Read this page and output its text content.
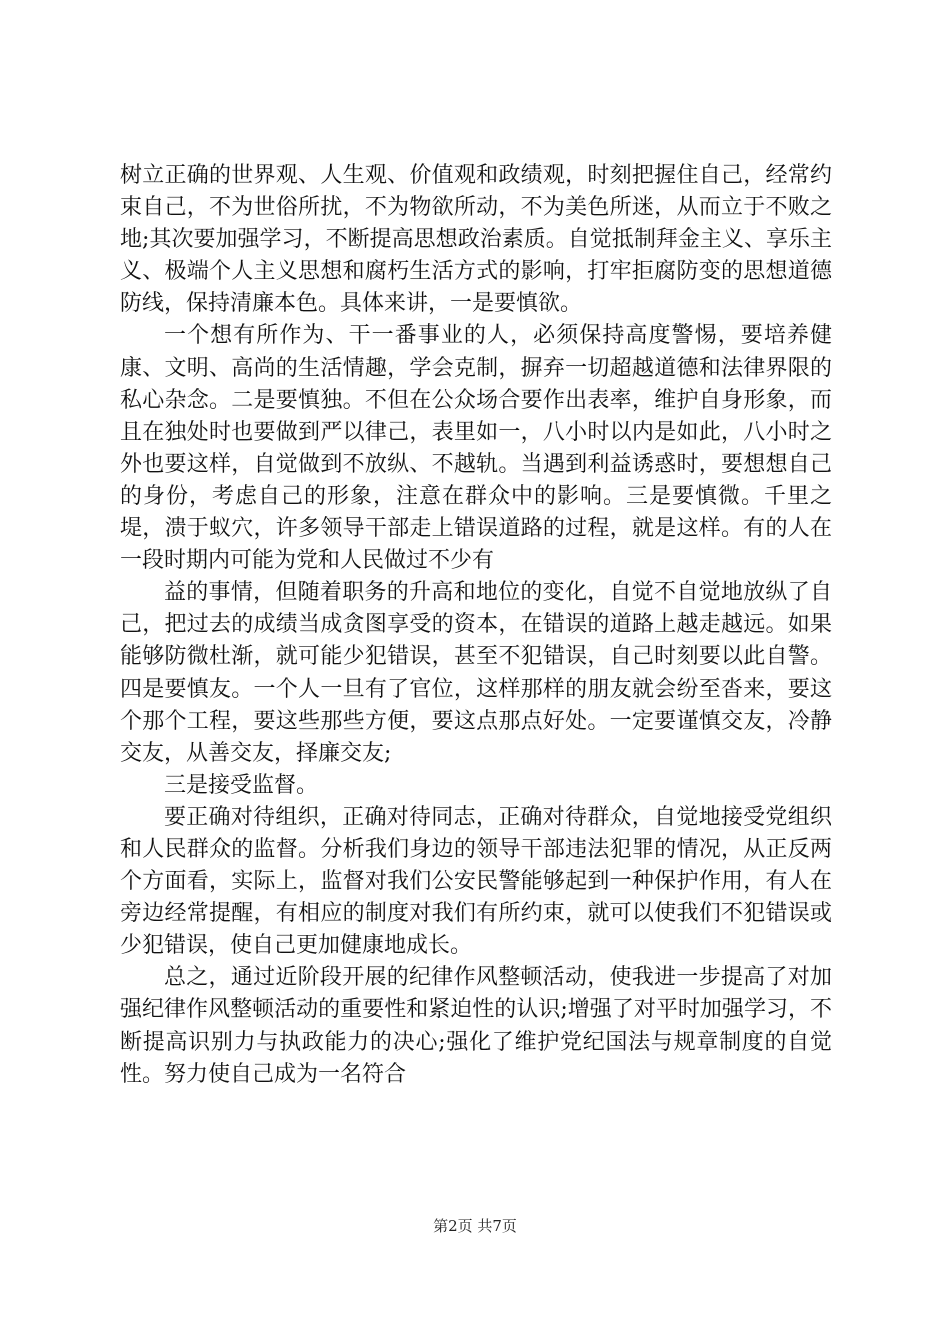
树立正确的世界观、人生观、价值观和政绩观，时刻把握住自己，经常约束自己，不为世俗所扰，不为物欲所动，不为美色所迷，从而立于不败之地;其次要加强学习，不断提高思想政治素质。自觉抵制拜金主义、享乐主义、极端个人主义思想和腐朽生活方式的影响，打牢拒腐防变的思想道德防线，保持清廉本色。具体来讲，一是要慎欲。

一个想有所作为、干一番事业的人，必须保持高度警惕，要培养健康、文明、高尚的生活情趣，学会克制，摒弃一切超越道德和法律界限的私心杂念。二是要慎独。不但在公众场合要作出表率，维护自身形象，而且在独处时也要做到严以律己，表里如一，八小时以内是如此，八小时之外也要这样，自觉做到不放纵、不越轨。当遇到利益诱惑时，要想想自己的身份，考虑自己的形象，注意在群众中的影响。三是要慎微。千里之堤，溃于蚁穴，许多领导干部走上错误道路的过程，就是这样。有的人在一段时期内可能为党和人民做过不少有

益的事情，但随着职务的升高和地位的变化，自觉不自觉地放纵了自己，把过去的成绩当成贪图享受的资本，在错误的道路上越走越远。如果能够防微杜渐，就可能少犯错误，甚至不犯错误，自己时刻要以此自警。四是要慎友。一个人一旦有了官位，这样那样的朋友就会纷至沓来，要这个那个工程，要这些那些方便，要这点那点好处。一定要谨慎交友，冷静交友，从善交友，择廉交友;

三是接受监督。

要正确对待组织，正确对待同志，正确对待群众，自觉地接受党组织和人民群众的监督。分析我们身边的领导干部违法犯罪的情况，从正反两个方面看，实际上，监督对我们公安民警能够起到一种保护作用，有人在旁边经常提醒，有相应的制度对我们有所约束，就可以使我们不犯错误或少犯错误，使自己更加健康地成长。

总之，通过近阶段开展的纪律作风整顿活动，使我进一步提高了对加强纪律作风整顿活动的重要性和紧迫性的认识;增强了对平时加强学习，不断提高识别力与执政能力的决心;强化了维护党纪国法与规章制度的自觉性。努力使自己成为一名符合

第2页 共7页
